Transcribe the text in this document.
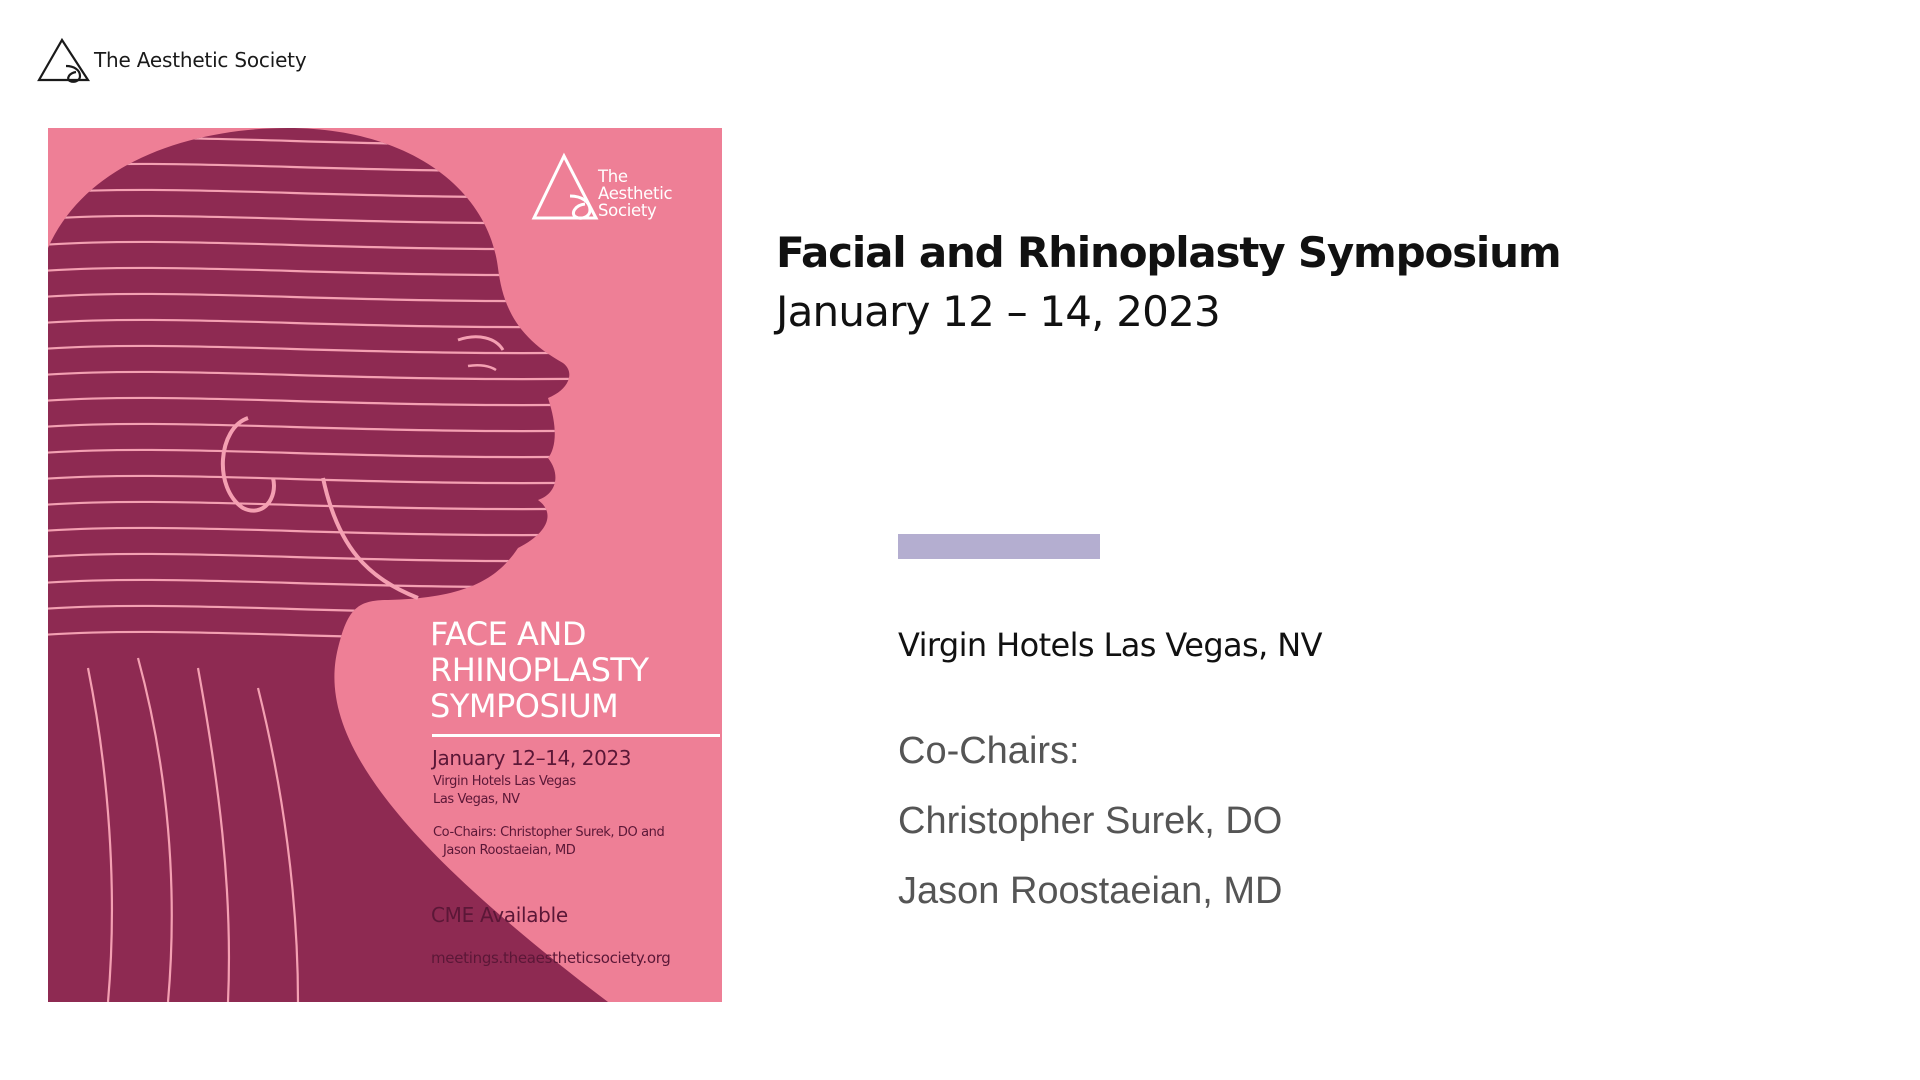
The Aesthetic Society
The
Aesthetic
Society
FACE AND
RHINOPLASTY
SYMPOSIUM
January 12–14, 2023
Virgin Hotels Las Vegas
Las Vegas, NV
Co-Chairs: Christopher Surek, DO and
Jason Roostaeian, MD
CME Available
meetings.theaestheticsociety.org
Facial and Rhinoplasty Symposium
January 12 – 14, 2023
Virgin Hotels Las Vegas, NV
Co-Chairs:
Christopher Surek, DO
Jason Roostaeian, MD
